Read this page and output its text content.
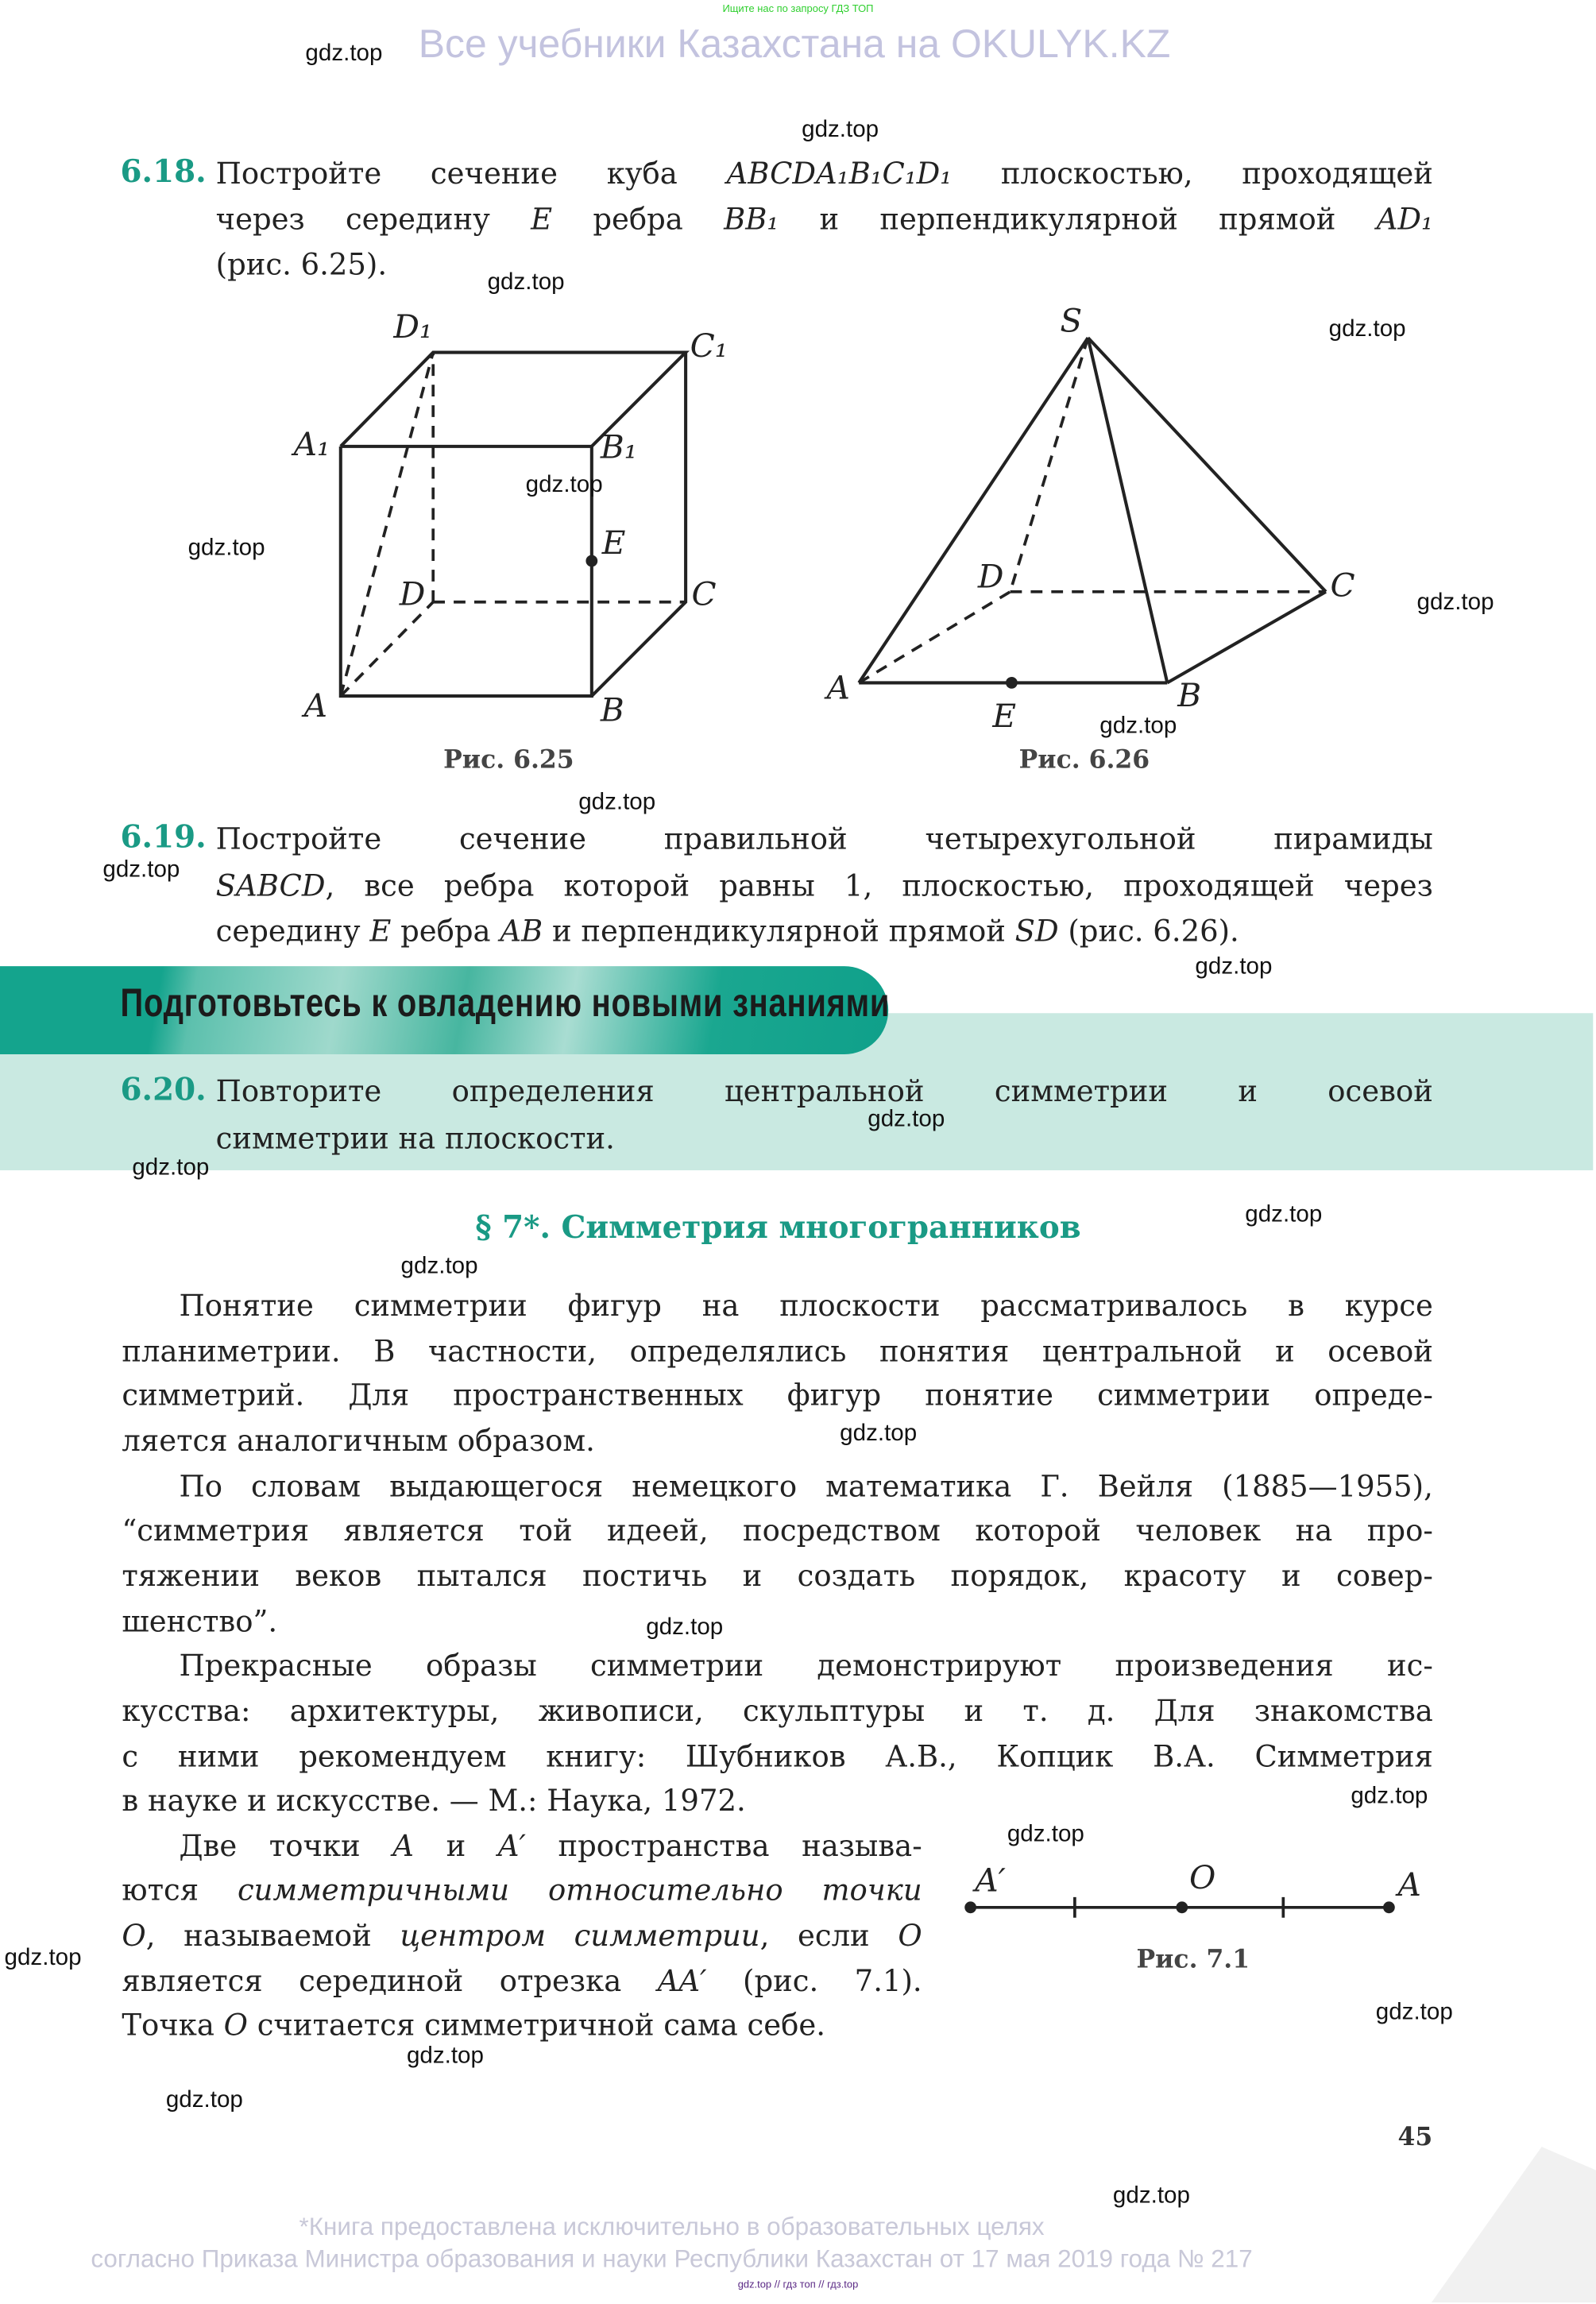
Ищите нас по запросу ГДЗ ТОП
Все учебники Казахстана на OKULYK.KZ
6.18. Постройте сечение куба ABCDA₁B₁C₁D₁ плоскостью, проходящей
через середину E ребра BB₁ и перпендикулярной прямой AD₁
(рис. 6.25).
D₁
C₁
A₁	B₁
E
D	C
A	B
S
D	C
A	B
E
A′	O	A
Рис. 6.25	Рис. 6.26
6.19. Постройте сечение правильной четырехугольной пирамиды
SABCD, все ребра которой равны 1, плоскостью, проходящей через
середину E ребра AB и перпендикулярной прямой SD (рис. 6.26).
Подготовьтесь к овладению новыми знаниями
6.20. Повторите определения центральной симметрии и осевой
симметрии на плоскости.
§ 7*. Симметрия многогранников
Понятие симметрии фигур на плоскости рассматривалось в курсе
планиметрии. В частности, определялись понятия центральной и осевой
симметрий. Для пространственных фигур понятие симметрии опреде-
ляется аналогичным образом.
По словам выдающегося немецкого математика Г. Вейля (1885—1955),
“симметрия является той идеей, посредством которой человек на про-
тяжении веков пытался постичь и создать порядок, красоту и совер-
шенство”.
Прекрасные образы симметрии демонстрируют произведения ис-
кусства: архитектуры, живописи, скульптуры и т. д. Для знакомства
с ними рекомендуем книгу: Шубников А.В., Копцик В.А. Симметрия
в науке и искусстве. — М.: Наука, 1972.
Две точки A и A′ пространства называ-
ются симметричными относительно точки
O, называемой центром симметрии, если O
является серединой отрезка AA′ (рис. 7.1).
Точка O считается симметричной сама себе.
Рис. 7.1
45
*Книга предоставлена исключительно в образовательных целях
согласно Приказа Министра образования и науки Республики Казахстан от 17 мая 2019 года № 217
gdz.top // гдз топ // гдз.top
gdz.top
gdz.top
gdz.top
gdz.top
gdz.top
gdz.top
gdz.top
gdz.top
gdz.top
gdz.top
gdz.top
gdz.top
gdz.top
gdz.top
gdz.top
gdz.top
gdz.top
gdz.top
gdz.top
gdz.top
gdz.top
gdz.top
gdz.top
gdz.top
